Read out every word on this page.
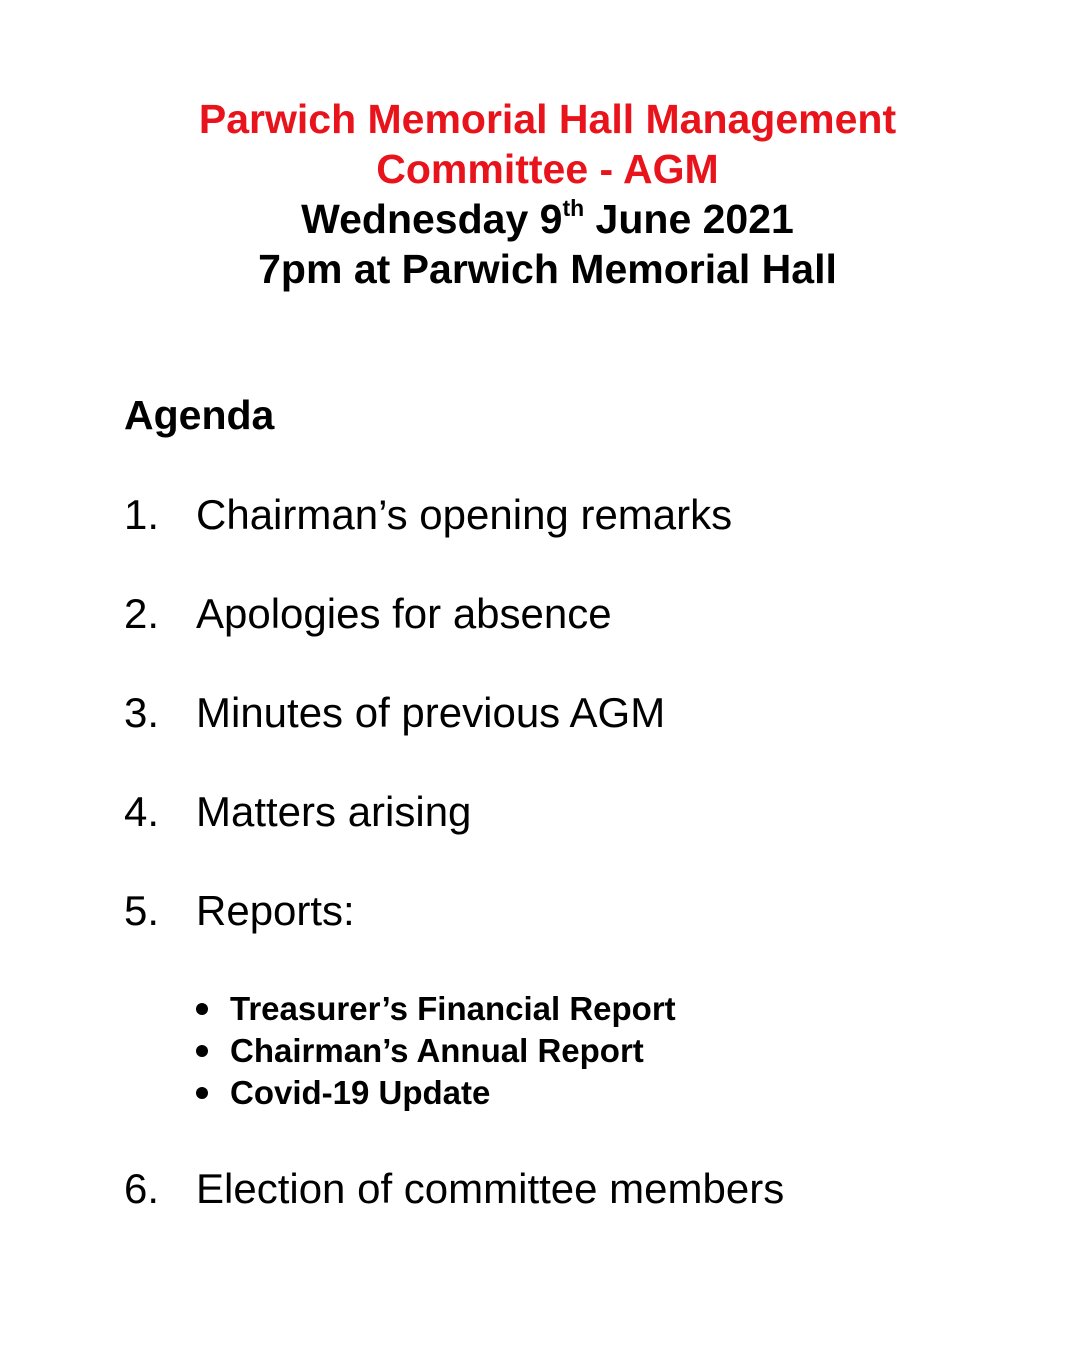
Parwich Memorial Hall Management
Committee - AGM
Wednesday 9th June 2021
7pm at Parwich Memorial Hall
Agenda
1. Chairman’s opening remarks
2. Apologies for absence
3. Minutes of previous AGM
4. Matters arising
5. Reports:
Treasurer’s Financial Report
Chairman’s Annual Report
Covid-19 Update
6. Election of committee members
